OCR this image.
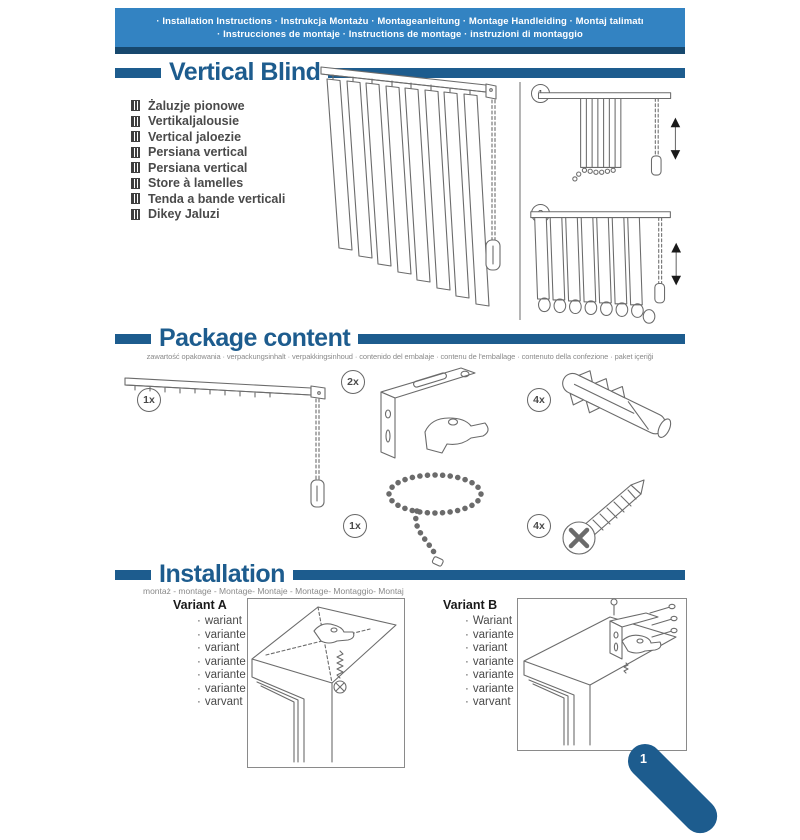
· Installation Instructions · Instrukcja Montażu · Montageanleitung · Montage Handleiding · Montaj talimatı
· Instrucciones de montaje · Instructions de montage · instruzioni di montaggio
Vertical Blind
Żaluzje pionowe
Vertikaljalousie
Vertical jaloezie
Persiana vertical
Persiana vertical
Store à lamelles
Tenda a bande verticali
Dikey Jaluzi
Package content
zawartość opakowania · verpackungsinhalt · verpakkingsinhoud · contenido del embalaje · contenu de l'emballage · contenuto della confezione · paket içeriği
1x
2x
4x
1x	4x
Installation
montaż - montage - Montage- Montaje - Montage- Montaggio- Montaj
Variant A
· wariant
· variante
· variant
· variante
· variante
· variante
· varvant
Variant B
· Wariant
· variante
· variant
· variante
· variante
· variante
· varvant
1
